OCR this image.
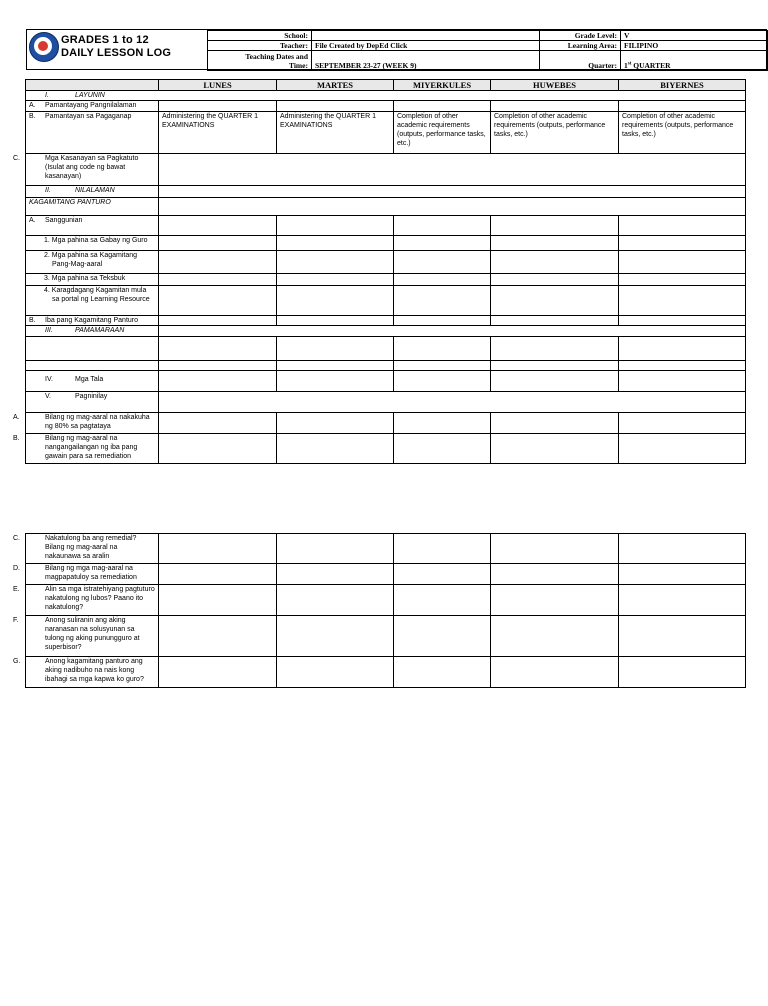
GRADES 1 to 12
DAILY LESSON LOG
School:		Grade Level:	V
Teacher:	File Created by DepEd Click	Learning Area:	FILIPINO

Teaching Dates and
Time:	SEPTEMBER 23-27 (WEEK 9)	Quarter:	1st QUARTER
	LUNES	MARTES	MIYERKULES	HUWEBES	BIYERNES
I. LAYUNIN					
A. Pamantayang Pangnilalaman					
B. Pamantayan sa Pagaganap	Administering the QUARTER 1 EXAMINATIONS	Administering the QUARTER 1 EXAMINATIONS	Completion of other academic requirements (outputs, performance tasks, etc.)	Completion of other academic requirements (outputs, performance tasks, etc.)	Completion of other academic requirements (outputs, performance tasks, etc.)
C. Mga Kasanayan sa Pagkatuto (Isulat ang code ng bawat kasanayan)					
II. NILALAMAN					
KAGAMITANG PANTURO					
A. Sanggunian					
1. Mga pahina sa Gabay ng Guro					
2. Mga pahina sa Kagamitang Pang-Mag-aaral					
3. Mga pahina sa Teksbuk					
4. Karagdagang Kagamitan mula sa portal ng Learning Resource					
B. Iba pang Kagamitang Panturo					
III. PAMAMARAAN					

IV. Mga Tala					
V. Pagninilay					
A. Bilang ng mag-aaral na nakakuha ng 80% sa pagtataya					
B. Bilang ng mag-aaral na nangangailangan ng iba pang gawain para sa remediation					
C. Nakatulong ba ang remedial? Bilang ng mag-aaral na nakaunawa sa aralin					
D. Bilang ng mga mag-aaral na magpapatuloy sa remediation					
E. Alin sa mga istratehiyang pagtuturo nakatulong ng lubos? Paano ito nakatulong?					
F. Anong suliranin ang aking naranasan na solusyunan sa tulong ng aking punungguro at superbisor?					
G. Anong kagamitang panturo ang aking nadibuho na nais kong ibahagi sa mga kapwa ko guro?					
